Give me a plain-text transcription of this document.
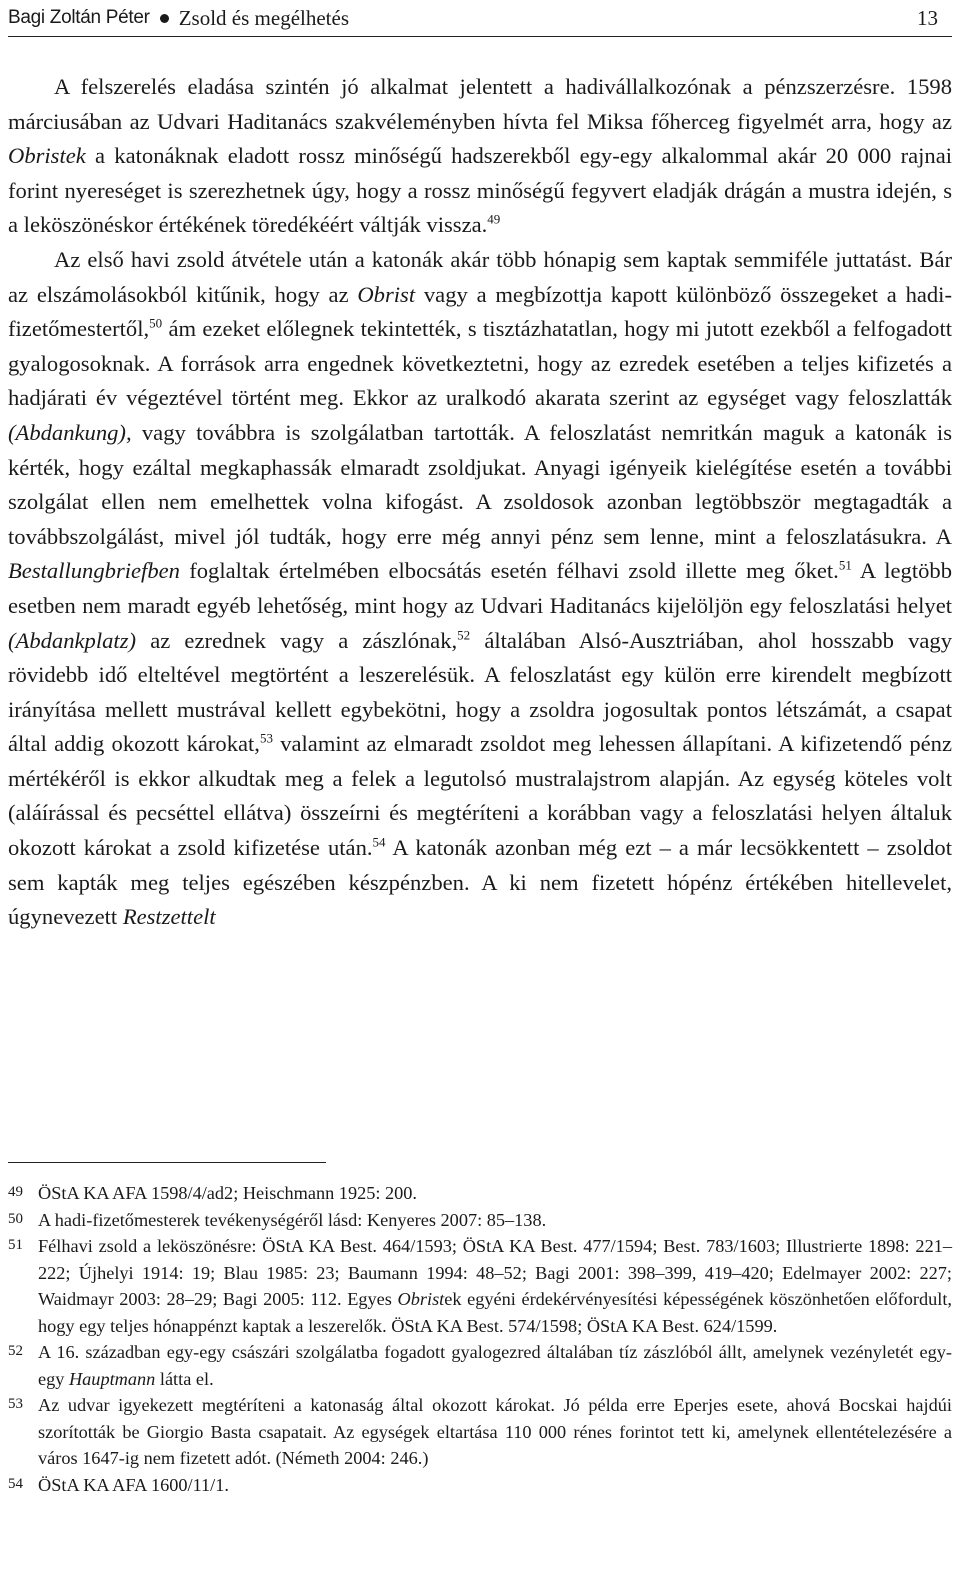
Bagi Zoltán Péter Zsold és megélhetés	13

A felszerelés eladása szintén jó alkalmat jelentett a hadivállalkozónak a pénzszerzésre. 1598 márciusában az Udvari Haditanács szakvéleményben hívta fel Miksa főherceg figyelmét arra, hogy az Obristek a katonáknak eladott rossz minőségű hadszerekből egy-egy alkalommal akár 20 000 rajnai forint nyereséget is szerezhetnek úgy, hogy a rossz minőségű fegyvert eladják drágán a mustra idején, s a leköszönéskor értékének töredékéért váltják vissza.$^{49}$

Az első havi zsold átvétele után a katonák akár több hónapig sem kaptak semmiféle juttatást. Bár az elszámolásokból kitűnik, hogy az Obrist vagy a megbízottja kapott különböző összegeket a hadi-fizetőmestertől,$^{50}$ ám ezeket előlegnek tekintették, s tisztázhatatlan, hogy mi jutott ezekből a felfogadott gyalogosoknak. A források arra engednek következtetni, hogy az ezredek esetében a teljes kifizetés a hadjárati év végeztével történt meg. Ekkor az uralkodó akarata szerint az egységet vagy feloszlatták (Abdankung), vagy továbbra is szolgálatban tartották. A feloszlatást nemritkán maguk a katonák is kérték, hogy ezáltal megkaphassák elmaradt zsoldjukat. Anyagi igényeik kielégítése esetén a további szolgálat ellen nem emelhettek volna kifogást. A zsoldosok azonban legtöbbször megtagadták a továbbszolgálást, mivel jól tudták, hogy erre még annyi pénz sem lenne, mint a feloszlatásukra. A Bestallungbriefben foglaltak értelmében elbocsátás esetén félhavi zsold illette meg őket.$^{51}$ A legtöbb esetben nem maradt egyéb lehetőség, mint hogy az Udvari Haditanács kijelöljön egy feloszlatási helyet (Abdankplatz) az ezrednek vagy a zászlónak,$^{52}$ általában Alsó-Ausztriában, ahol hosszabb vagy rövidebb idő elteltével megtörtént a leszerelésük. A feloszlatást egy külön erre kirendelt megbízott irányítása mellett mustrával kellett egybekötni, hogy a zsoldra jogosultak pontos létszámát, a csapat által addig okozott károkat,$^{53}$ valamint az elmaradt zsoldot meg lehessen állapítani. A kifizetendő pénz mértékéről is ekkor alkudtak meg a felek a legutolsó mustralajstrom alapján. Az egység köteles volt (aláírással és pecséttel ellátva) összeírni és megtéríteni a korábban vagy a feloszlatási helyen általuk okozott károkat a zsold kifizetése után.$^{54}$ A katonák azonban még ezt – a már lecsökkentett – zsoldot sem kapták meg teljes egészében készpénzben. A ki nem fizetett hópénz értékében hitellevelet, úgynevezett Restzettelt

49 ÖStA KA AFA 1598/4/ad2; Heischmann 1925: 200.
50 A hadi-fizetőmesterek tevékenységéről lásd: Kenyeres 2007: 85–138.
51 Félhavi zsold a leköszönésre: ÖStA KA Best. 464/1593; ÖStA KA Best. 477/1594; Best. 783/1603; Illustrierte 1898: 221–222; Újhelyi 1914: 19; Blau 1985: 23; Baumann 1994: 48–52; Bagi 2001: 398–399, 419–420; Edelmayer 2002: 227; Waidmayr 2003: 28–29; Bagi 2005: 112. Egyes Obristek egyéni érdekérvényesítési képességének köszönhetően előfordult, hogy egy teljes hónappénzt kaptak a leszerelők. ÖStA KA Best. 574/1598; ÖStA KA Best. 624/1599.
52 A 16. században egy-egy császári szolgálatba fogadott gyalogezred általában tíz zászlóból állt, amelynek vezényletét egy-egy Hauptmann látta el.
53 Az udvar igyekezett megtéríteni a katonaság által okozott károkat. Jó példa erre Eperjes esete, ahová Bocskai hajdúi szorították be Giorgio Basta csapatait. Az egységek eltartása 110 000 rénes forintot tett ki, amelynek ellentételezésére a város 1647-ig nem fizetett adót. (Németh 2004: 246.)
54 ÖStA KA AFA 1600/11/1.
